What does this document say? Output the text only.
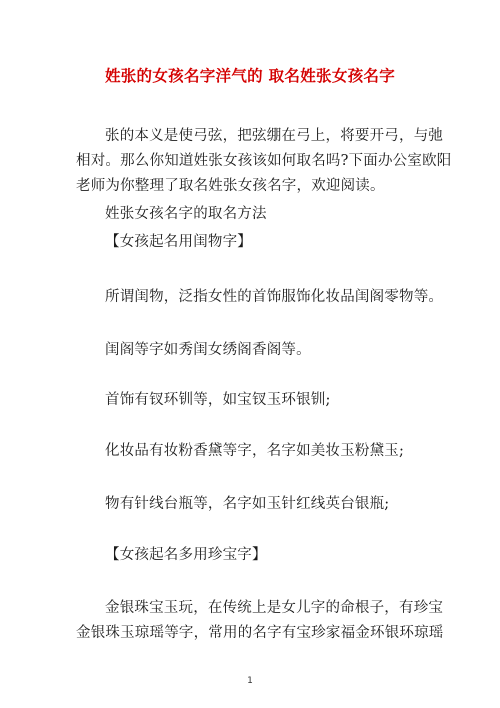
姓张的女孩名字洋气的 取名姓张女孩名字
张的本义是使弓弦，把弦绷在弓上，将要开弓，与弛
相对。那么你知道姓张女孩该如何取名吗?下面办公室欧阳
老师为你整理了取名姓张女孩名字，欢迎阅读。
姓张女孩名字的取名方法
【女孩起名用闺物字】
所谓闺物，泛指女性的首饰服饰化妆品闺阁零物等。
闺阁等字如秀闺女绣阁香阁等。
首饰有钗环钏等，如宝钗玉环银钏;
化妆品有妆粉香黛等字，名字如美妆玉粉黛玉;
物有针线台瓶等，名字如玉针红线英台银瓶;
【女孩起名多用珍宝字】
金银珠宝玉玩，在传统上是女儿字的命根子，有珍宝
金银珠玉琼瑶等字，常用的名字有宝珍家福金环银环琼瑶
1
